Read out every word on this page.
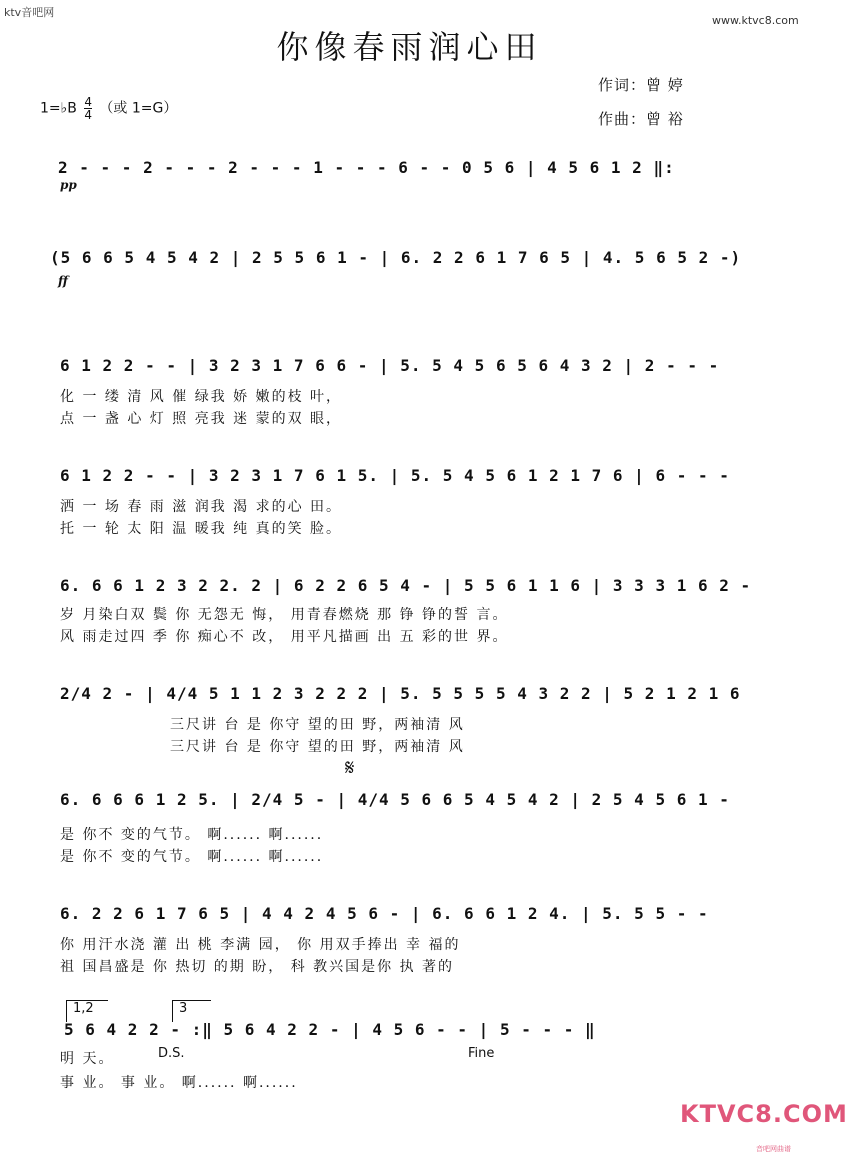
ktv音吧网
www.ktvc8.com
你像春雨润心田
作词：曾 婷
作曲：曾 裕
1=♭B $\frac{4}{4}$ （或 1=G）
2 - - - 2 - - - 2 - - - 1 - - - 6 - - 0 5 6 | 4 5 6 1 2 ‖:
pp
(5 6 6 5 4 5 4 2 | 2 5 5 6 1 - | 6. 2 2 6 1 7 6 5 | 4. 5 6 5 2 -)
ff
6 1 2 2 - - | 3 2 3 1 7 6 6 - | 5. 5 4 5 6 5 6 4 3 2 | 2 - - -
化 一 缕 清 风 催 绿我 娇 嫩的枝 叶，
点 一 盏 心 灯 照 亮我 迷 蒙的双 眼，
6 1 2 2 - - | 3 2 3 1 7 6 1 5. | 5. 5 4 5 6 1 2 1 7 6 | 6 - - -
洒 一 场 春 雨 滋 润我 渴 求的心 田。
托 一 轮 太 阳 温 暖我 纯 真的笑 脸。
6. 6 6 1 2 3 2 2. 2 | 6 2 2 6 5 4 - | 5 5 6 1 1 6 | 3 3 3 1 6 2 -
岁 月染白双 鬓 你 无怨无 悔， 用青春燃烧 那 铮 铮的誓 言。
风 雨走过四 季 你 痴心不 改， 用平凡描画 出 五 彩的世 界。
2/4 2 - | 4/4 5 1 1 2 3 2 2 2 | 5. 5 5 5 5 4 3 2 2 | 5 2 1 2 1 6
三尺讲 台 是 你守 望的田 野，两袖清 风
三尺讲 台 是 你守 望的田 野，两袖清 风
𝄋
6. 6 6 6 1 2 5. | 2/4 5 - | 4/4 5 6 6 5 4 5 4 2 | 2 5 4 5 6 1 -
是 你不 变的气节。 啊...... 啊......
是 你不 变的气节。 啊...... 啊......
6. 2 2 6 1 7 6 5 | 4 4 2 4 5 6 - | 6. 6 6 1 2 4. | 5. 5 5 - -
你 用汗水浇 灌 出 桃 李满 园， 你 用双手捧出 幸 福的
祖 国昌盛是 你 热切 的期 盼， 科 教兴国是你 执 著的
1,2	3
5 6 4 2 2 - :‖ 5 6 4 2 2 - | 4 5 6 - - | 5 - - - ‖
D.S.	Fine
明 天。
事 业。 事 业。 啊...... 啊......
KTVC8.COM
音吧网曲谱
